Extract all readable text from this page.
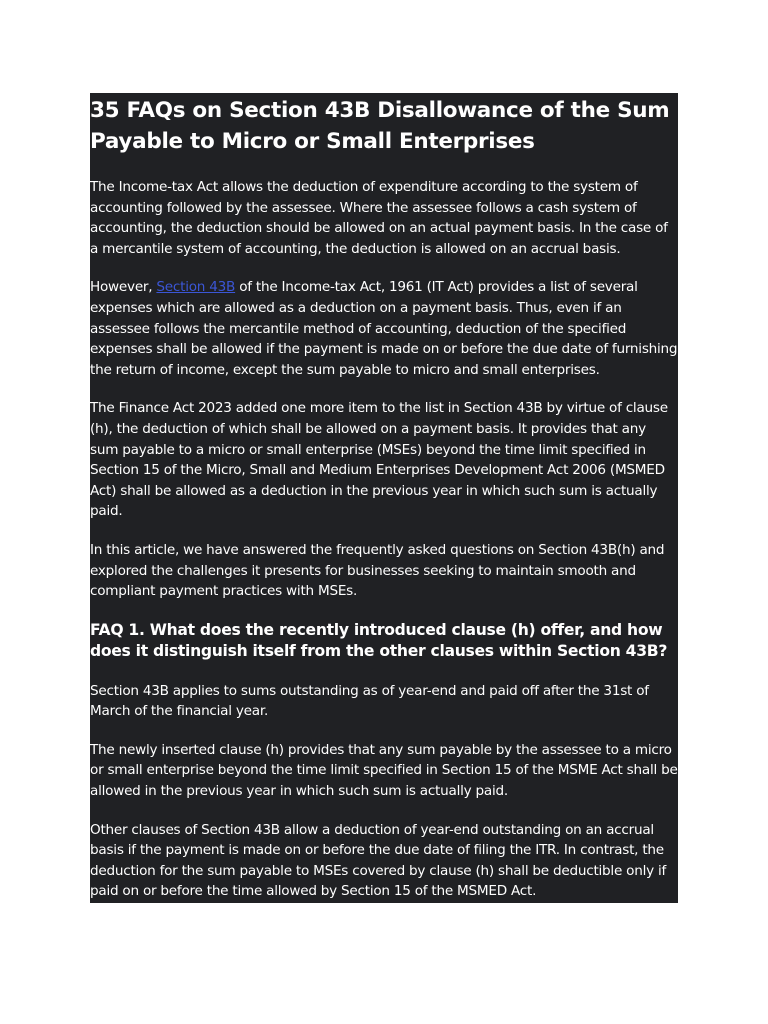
35 FAQs on Section 43B Disallowance of the Sum Payable to Micro or Small Enterprises

The Income-tax Act allows the deduction of expenditure according to the system of accounting followed by the assessee. Where the assessee follows a cash system of accounting, the deduction should be allowed on an actual payment basis. In the case of a mercantile system of accounting, the deduction is allowed on an accrual basis.

However, Section 43B of the Income-tax Act, 1961 (IT Act) provides a list of several expenses which are allowed as a deduction on a payment basis. Thus, even if an assessee follows the mercantile method of accounting, deduction of the specified expenses shall be allowed if the payment is made on or before the due date of furnishing the return of income, except the sum payable to micro and small enterprises.

The Finance Act 2023 added one more item to the list in Section 43B by virtue of clause (h), the deduction of which shall be allowed on a payment basis. It provides that any sum payable to a micro or small enterprise (MSEs) beyond the time limit specified in Section 15 of the Micro, Small and Medium Enterprises Development Act 2006 (MSMED Act) shall be allowed as a deduction in the previous year in which such sum is actually paid.

In this article, we have answered the frequently asked questions on Section 43B(h) and explored the challenges it presents for businesses seeking to maintain smooth and compliant payment practices with MSEs.

FAQ 1. What does the recently introduced clause (h) offer, and how does it distinguish itself from the other clauses within Section 43B?

Section 43B applies to sums outstanding as of year-end and paid off after the 31st of March of the financial year.

The newly inserted clause (h) provides that any sum payable by the assessee to a micro or small enterprise beyond the time limit specified in Section 15 of the MSME Act shall be allowed in the previous year in which such sum is actually paid.

Other clauses of Section 43B allow a deduction of year-end outstanding on an accrual basis if the payment is made on or before the due date of filing the ITR. In contrast, the deduction for the sum payable to MSEs covered by clause (h) shall be deductible only if paid on or before the time allowed by Section 15 of the MSMED Act.
